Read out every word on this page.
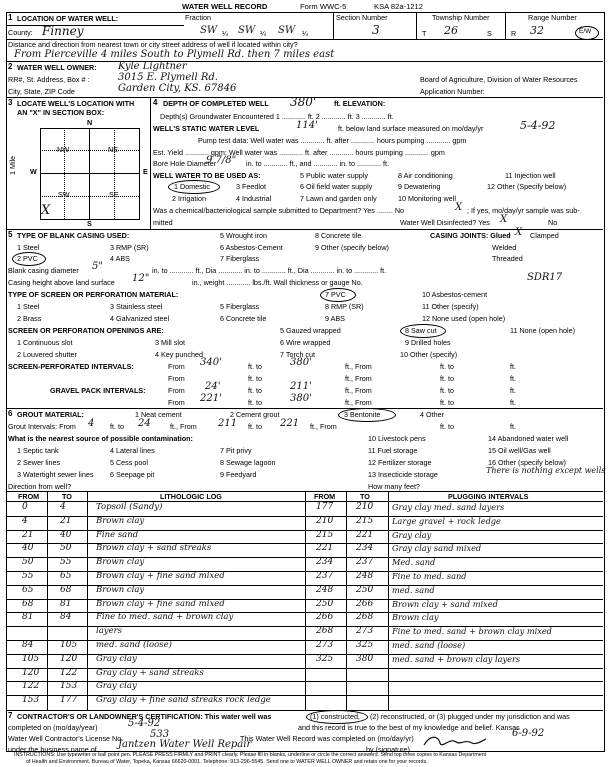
WATER WELL RECORD	Form WWC-5	KSA 82a-1212
1 LOCATION OF WATER WELL:	Fraction	Section Number	Township Number	Range Number
County: Finney	SW ¼ SW ¼ SW ¼	3	T 26	S	R 32	E/W
Distance and direction from nearest town or city street address of well if located within city?
From Pierceville 4 miles South to Plymell Rd. then 7 miles east
2 WATER WELL OWNER: Kyle Lightner
RR#, St. Address, Box # :	3015 E. Plymell Rd.	Board of Agriculture, Division of Water Resources
City, State, ZIP Code	Garden City, KS. 67846	Application Number:
3 LOCATE WELL'S LOCATION WITH
AN "X" IN SECTION BOX:
N
S
W	E
NW	NE
SW	SE
X
1 Mile
4 DEPTH OF COMPLETED WELL 380' ft. ELEVATION:
Depth(s) Groundwater Encountered 1 ............ ft. 2 ............ ft. 3 ............ ft.
WELL'S STATIC WATER LEVEL	114'	ft. below land surface measured on mo/day/yr	5-4-92
Pump test data: Well water was ............ ft. after ............ hours pumping ............ gpm
Est. Yield ............ gpm: Well water was ............ ft. after ............ hours pumping ............ gpm
Bore Hole Diameter
9 7/8" in. to ............ ft., and ............ in. to ............ ft.
WELL WATER TO BE USED AS:	5 Public water supply	8 Air conditioning	11 Injection well
1 Domestic	3 Feedlot	6 Oil field water supply	9 Dewatering	12 Other (Specify below)
2 Irrigation	4 Industrial	7 Lawn and garden only	10 Monitoring well
Was a chemical/bacteriological sample submitted to Department? Yes ........ No	X ; If yes, mo/day/yr sample was sub-
mitted	Water Well Disinfected? Yes X	No
5 TYPE OF BLANK CASING USED:	5 Wrought iron	8 Concrete tile	CASING JOINTS: Glued X Clamped
1 Steel	3 RMP (SR)	6 Asbestos-Cement	9 Other (specify below)	Welded
2 PVC	4 ABS	7 Fiberglass	Threaded
Blank casing diameter 5"	in. to ............ ft., Dia ............ in. to ............ ft., Dia ............ in. to ............ ft.
Casing height above land surface 12"	in., weight ............ lbs./ft. Wall thickness or gauge No.	SDR17
TYPE OF SCREEN OR PERFORATION MATERIAL:	7 PVC	10 Asbestos-cement
1 Steel	3 Stainless steel	5 Fiberglass	8 RMP (SR)	11 Other (specify)
2 Brass	4 Galvanized steel	6 Concrete tile	9 ABS	12 None used (open hole)
SCREEN OR PERFORATION OPENINGS ARE:	5 Gauzed wrapped	8 Saw cut	11 None (open hole)
1 Continuous slot	3 Mill slot	6 Wire wrapped	9 Drilled holes
2 Louvered shutter	4 Key punched	7 Torch cut	10 Other (specify)
SCREEN-PERFORATED INTERVALS:	From 340'	ft. to	380'	ft., From	ft. to	ft.
From	ft. to	ft., From	ft. to	ft.
GRAVEL PACK INTERVALS:	From 24'	ft. to	211'	ft., From	ft. to	ft.
From 221'	ft. to	380'	ft., From	ft. to	ft.
6 GROUT MATERIAL:	1 Neat cement	2 Cement grout	3 Bentonite	4 Other
Grout Intervals: From 4 ft. to 24	ft., From 211 ft. to 221 ft., From	ft. to	ft.
What is the nearest source of possible contamination:	10 Livestock pens	14 Abandoned water well
1 Septic tank	4 Lateral lines	7 Pit privy	11 Fuel storage	15 Oil well/Gas well
2 Sewer lines	5 Cess pool	8 Sewage lagoon	12 Fertilizer storage	16 Other (specify below)
3 Watertight sewer lines 6 Seepage pit	9 Feedyard	13 Insecticide storage	There is nothing except wells
Direction from well?	How many feet?
FROM	TO	LITHOLOGIC LOG	FROM	TO	PLUGGING INTERVALS
0	4	Topsoil (Sandy)	177	210 Gray clay med. sand layers
4	21	Brown clay	210	215 Large gravel + rock ledge
21	40	Fine sand	215	221 Gray clay
40	50	Brown clay + sand streaks	221	234 Gray clay sand mixed
50	55	Brown clay	234	237 Med. sand
55	65	Brown clay + fine sand mixed	237	248 Fine to med. sand
65	68	Brown clay	248	250 med. sand
68	81	Brown clay + fine sand mixed	250	266 Brown clay + sand mixed
81	84	Fine to med. sand + brown clay	266	268 Brown clay
layers	268	273 Fine to med. sand + brown clay mixed
84	105 med. sand (loose)	273	325 med. sand (loose)
105 120 Gray clay	325	380 med. sand + brown clay layers
120 122 Gray clay + sand streaks
122 153 Gray clay
153 177 Gray clay + fine sand streaks rock ledge
7 CONTRACTOR'S OR LANDOWNER'S CERTIFICATION: This water well was	(1) constructed, (2) reconstructed, or (3) plugged under my jurisdiction and was
completed on (mo/day/year)	5-4-92	and this record is true to the best of my knowledge and belief. Kansas
Water Well Contractor's License No.	533	This Water Well Record was completed on (mo/day/yr)	6-9-92
under the business name of Jantzen Water Well Repair	by (signature)
INSTRUCTIONS: Use typewriter or ball point pen. PLEASE PRESS FIRMLY and PRINT clearly. Please fill in blanks, underline or circle the correct answers. Send top three copies to Kansas Department
of Health and Environment, Bureau of Water, Topeka, Kansas 66620-0001. Telephone: 913-296-5545. Send one to WATER WELL OWNER and retain one for your records.
